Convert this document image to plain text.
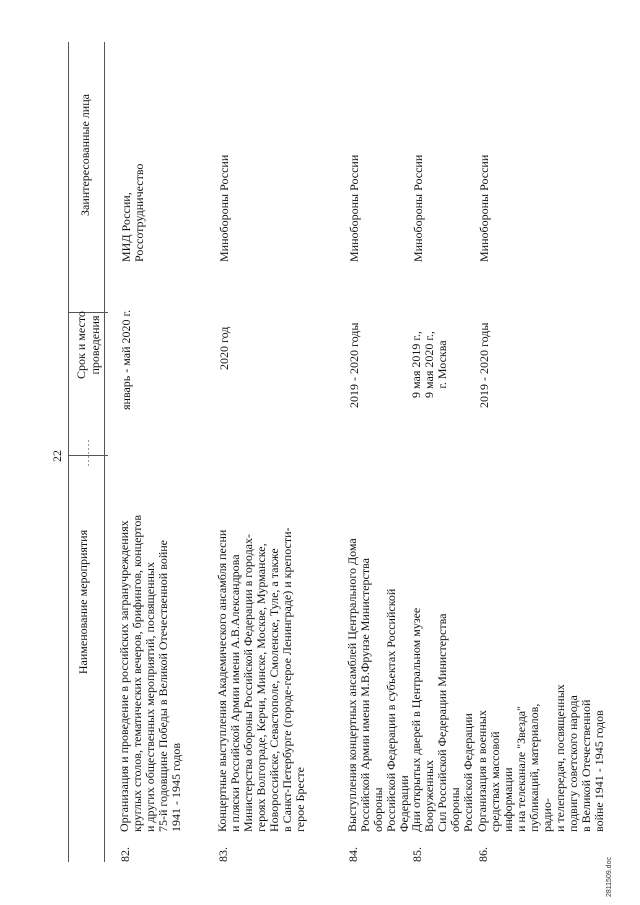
22
Наименование мероприятия
Срок и место
проведения
Заинтересованные лица
82.
Организация и проведение в российских загранучреждениях
круглых столов, тематических вечеров, брифингов, концертов
и других общественных мероприятий, посвященных
75-й годовщине Победы в Великой Отечественной войне
1941 - 1945 годов
январь - май 2020 г.
МИД России,
Россотрудничество
83.
Концертные выступления Академического ансамбля песни
и пляски Российской Армии имени А.В.Александрова
Министерства обороны Российской Федерации в городах-
героях Волгограде, Керчи, Минске, Москве, Мурманске,
Новороссийске, Севастополе, Смоленске, Туле, а также
в Санкт-Петербурге (городе-герое Ленинграде) и крепости-
герое Бресте
2020 год
Минобороны России
84.
Выступления концертных ансамблей Центрального Дома
Российской Армии имени М.В.Фрунзе Министерства обороны
Российской Федерации в субъектах Российской Федерации
2019 - 2020 годы
Минобороны России
85.
Дни открытых дверей в Центральном музее Вооруженных
Сил Российской Федерации Министерства обороны
Российской Федерации
9 мая 2019 г.,
9 мая 2020 г.,
г. Москва
Минобороны России
86.
Организация в военных средствах массовой информации
и на телеканале "Звезда" публикаций, материалов, радио-
и телепередач, посвященных подвигу советского народа
в Великой Отечественной войне 1941 - 1945 годов
2019 - 2020 годы
Минобороны России
2811509.doc
